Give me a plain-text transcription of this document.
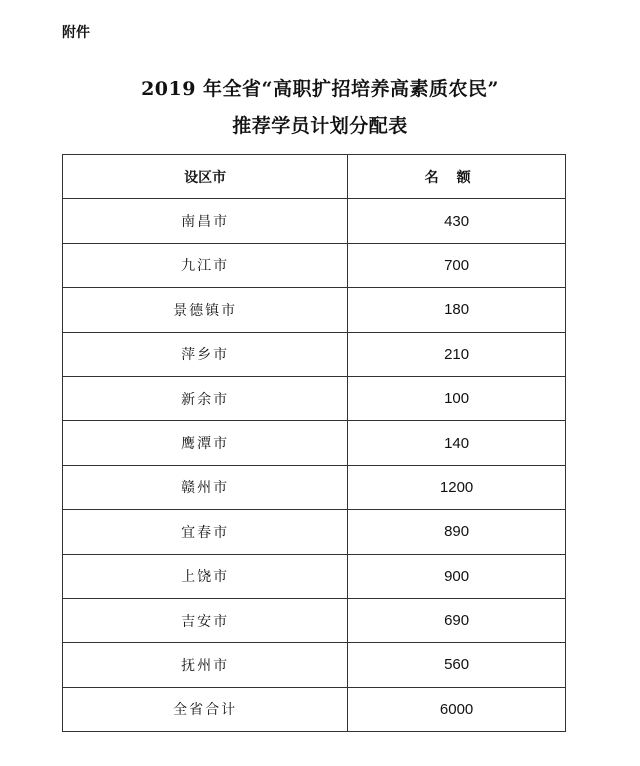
附件
2019 年全省“高职扩招培养高素质农民”
推荐学员计划分配表
设区市	名额
南昌市	430
九江市	700
景德镇市	180
萍乡市	210
新余市	100
鹰潭市	140
赣州市	1200
宜春市	890
上饶市	900
吉安市	690
抚州市	560
全省合计	6000
